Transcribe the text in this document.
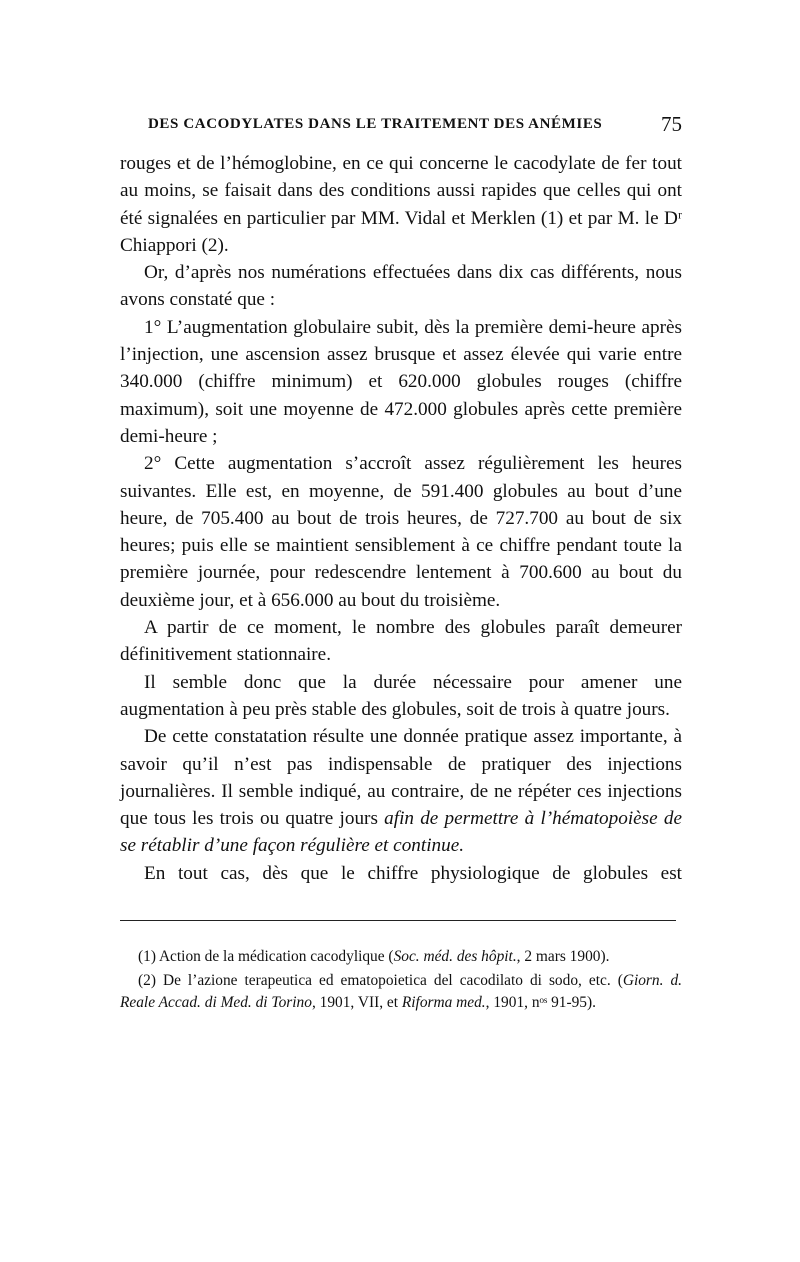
DES CACODYLATES DANS LE TRAITEMENT DES ANÉMIES	75

rouges et de l’hémoglobine, en ce qui concerne le cacodylate de fer tout au moins, se faisait dans des conditions aussi rapides que celles qui ont été signalées en particulier par MM. Vidal et Merklen (1) et par M. le Dʳ Chiappori (2).

Or, d’après nos numérations effectuées dans dix cas différents, nous avons constaté que :

1° L’augmentation globulaire subit, dès la première demi-heure après l’injection, une ascension assez brusque et assez élevée qui varie entre 340.000 (chiffre minimum) et 620.000 globules rouges (chiffre maximum), soit une moyenne de 472.000 globules après cette première demi-heure ;

2° Cette augmentation s’accroît assez régulièrement les heures suivantes. Elle est, en moyenne, de 591.400 globules au bout d’une heure, de 705.400 au bout de trois heures, de 727.700 au bout de six heures; puis elle se maintient sensiblement à ce chiffre pendant toute la première journée, pour redescendre lentement à 700.600 au bout du deuxième jour, et à 656.000 au bout du troisième.

A partir de ce moment, le nombre des globules paraît demeurer définitivement stationnaire.

Il semble donc que la durée nécessaire pour amener une augmentation à peu près stable des globules, soit de trois à quatre jours.

De cette constatation résulte une donnée pratique assez importante, à savoir qu’il n’est pas indispensable de pratiquer des injections journalières. Il semble indiqué, au contraire, de ne répéter ces injections que tous les trois ou quatre jours afin de permettre à l’hématopoièse de se rétablir d’une façon régulière et continue.

En tout cas, dès que le chiffre physiologique de globules est

(1) Action de la médication cacodylique (Soc. méd. des hôpit., 2 mars 1900).

(2) De l’azione terapeutica ed ematopoietica del cacodilato di sodo, etc. (Giorn. d. Reale Accad. di Med. di Torino, 1901, VII, et Riforma med., 1901, nᵒˢ 91-95).
